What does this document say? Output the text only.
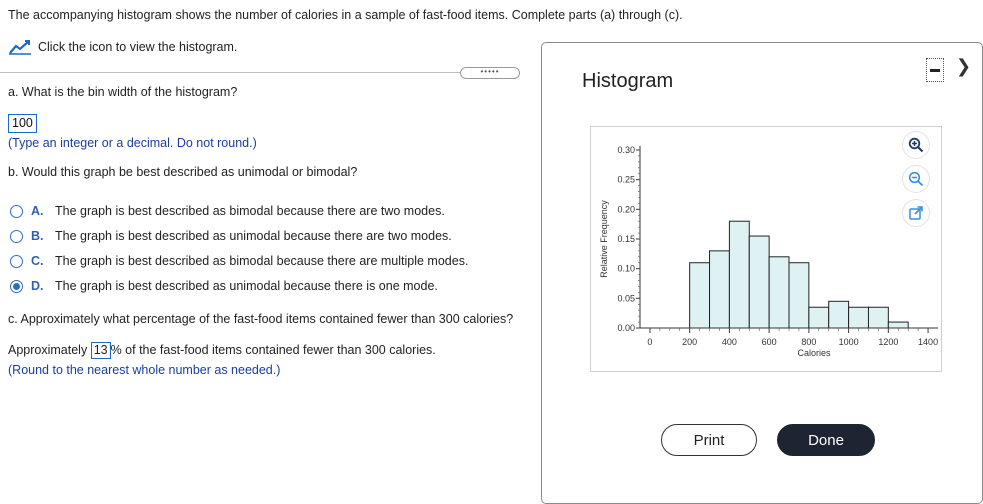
The accompanying histogram shows the number of calories in a sample of fast-food items. Complete parts (a) through (c).
Click the icon to view the histogram.
•••••
a. What is the bin width of the histogram?
100
(Type an integer or a decimal. Do not round.)
b. Would this graph be best described as unimodal or bimodal?
A. The graph is best described as bimodal because there are two modes.
B. The graph is best described as unimodal because there are two modes.
C. The graph is best described as bimodal because there are multiple modes.
D. The graph is best described as unimodal because there is one mode.
c. Approximately what percentage of the fast-food items contained fewer than 300 calories?
Approximately 13 % of the fast-food items contained fewer than 300 calories.
(Round to the nearest whole number as needed.)
Histogram
❯
0.00
0.05
0.10
0.15
0.20
0.25
0.30
0	200	400	600	800 1000 1200 1400
Calories
Relative Frequency
Print	Done
